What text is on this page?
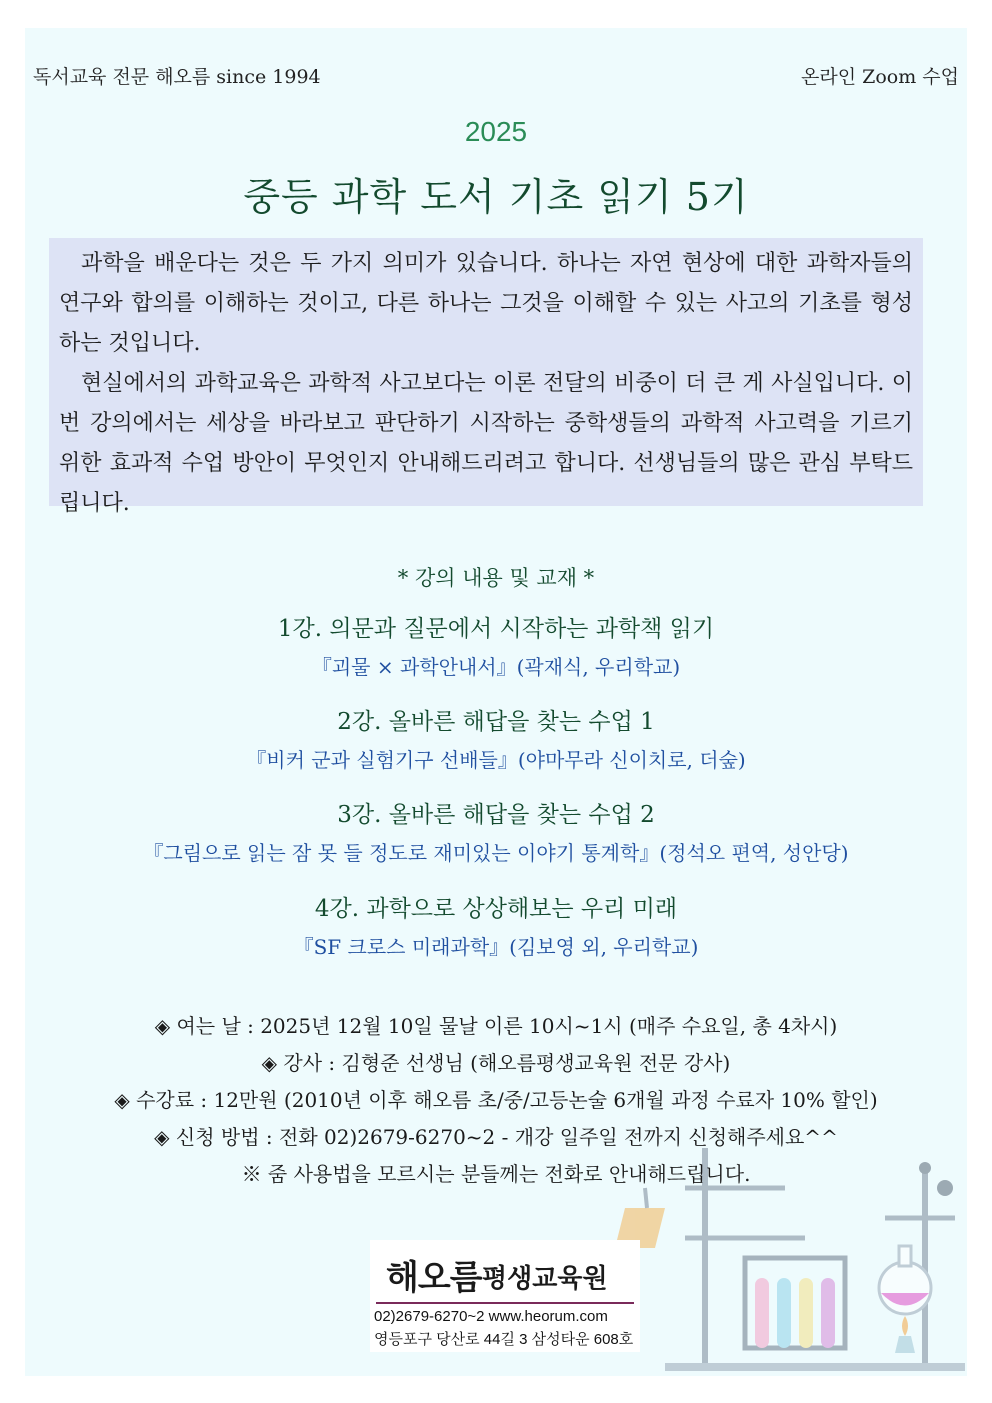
독서교육 전문 해오름 since 1994	온라인 Zoom 수업
2025
중등 과학 도서 기초 읽기 5기

과학을 배운다는 것은 두 가지 의미가 있습니다. 하나는 자연 현상에 대한 과학자들의 연구와 합의를 이해하는 것이고, 다른 하나는 그것을 이해할 수 있는 사고의 기초를 형성하는 것입니다.

현실에서의 과학교육은 과학적 사고보다는 이론 전달의 비중이 더 큰 게 사실입니다. 이번 강의에서는 세상을 바라보고 판단하기 시작하는 중학생들의 과학적 사고력을 기르기 위한 효과적 수업 방안이 무엇인지 안내해드리려고 합니다. 선생님들의 많은 관심 부탁드립니다.

* 강의 내용 및 교재 *
1강. 의문과 질문에서 시작하는 과학책 읽기
『괴물 × 과학안내서』(곽재식, 우리학교)
2강. 올바른 해답을 찾는 수업 1
『비커 군과 실험기구 선배들』(야마무라 신이치로, 더숲)
3강. 올바른 해답을 찾는 수업 2
『그림으로 읽는 잠 못 들 정도로 재미있는 이야기 통계학』(정석오 편역, 성안당)
4강. 과학으로 상상해보는 우리 미래
『SF 크로스 미래과학』(김보영 외, 우리학교)
◈ 여는 날 : 2025년 12월 10일 물날 이른 10시~1시 (매주 수요일, 총 4차시)
◈ 강사 : 김형준 선생님 (해오름평생교육원 전문 강사)
◈ 수강료 : 12만원 (2010년 이후 해오름 초/중/고등논술 6개월 과정 수료자 10% 할인)
◈ 신청 방법 : 전화 02)2679-6270~2 - 개강 일주일 전까지 신청해주세요^^
※ 줌 사용법을 모르시는 분들께는 전화로 안내해드립니다.
해오름 평생교육원
02)2679-6270~2 www.heorum.com
영등포구 당산로 44길 3 삼성타운 608호
